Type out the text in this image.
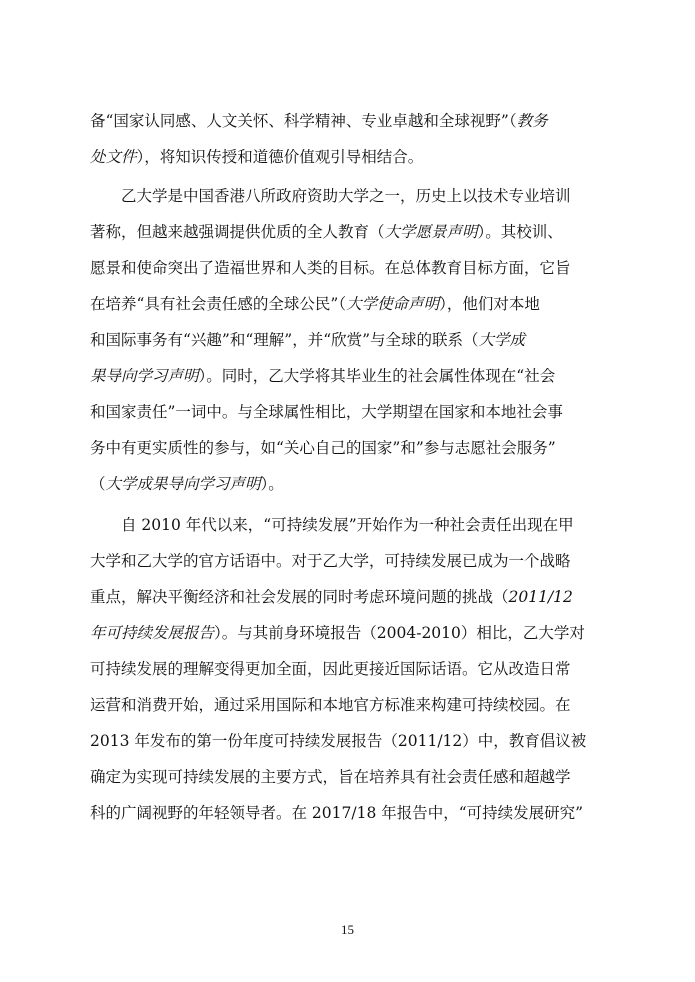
备“国家认同感、人文关怀、科学精神、专业卓越和全球视野”（ 教务
处文件 ），将知识传授和道德价值观引导相结合。
乙大学是中国香港八所政府资助大学之一，历史上以技术专业培训
著称，但越来越强调提供优质的全人教育（ 大学愿景声明 ）。其校训、
愿景和使命突出了造福世界和人类的目标。在总体教育目标方面，它旨
在培养“具有社会责任感的全球公民”（ 大学使命声明 ），他们对本地
和国际事务有“兴趣”和“理解”，并“欣赏”与全球的联系（ 大学成
果导向学习声明 ）。同时，乙大学将其毕业生的社会属性体现在“社会
和国家责任”一词中。与全球属性相比，大学期望在国家和本地社会事
务中有更实质性的参与，如“关心自己的国家”和”参与志愿社会服务”
（ 大学成果导向学习声明 ）。
自 2010 年代以来，“可持续发展”开始作为一种社会责任出现在甲
大学和乙大学的官方话语中。对于乙大学，可持续发展已成为一个战略
重点，解决平衡经济和社会发展的同时考虑环境问题的挑战（ 2011/12
年可持续发展报告 ）。与其前身环境报告（2004-2010）相比，乙大学对
可持续发展的理解变得更加全面，因此更接近国际话语。它从改造日常
运营和消费开始，通过采用国际和本地官方标准来构建可持续校园。在
2013 年发布的第一份年度可持续发展报告（2011/12）中，教育倡议被
确定为实现可持续发展的主要方式，旨在培养具有社会责任感和超越学
科的广阔视野的年轻领导者。在 2017/18 年报告中，“可持续发展研究”
15
